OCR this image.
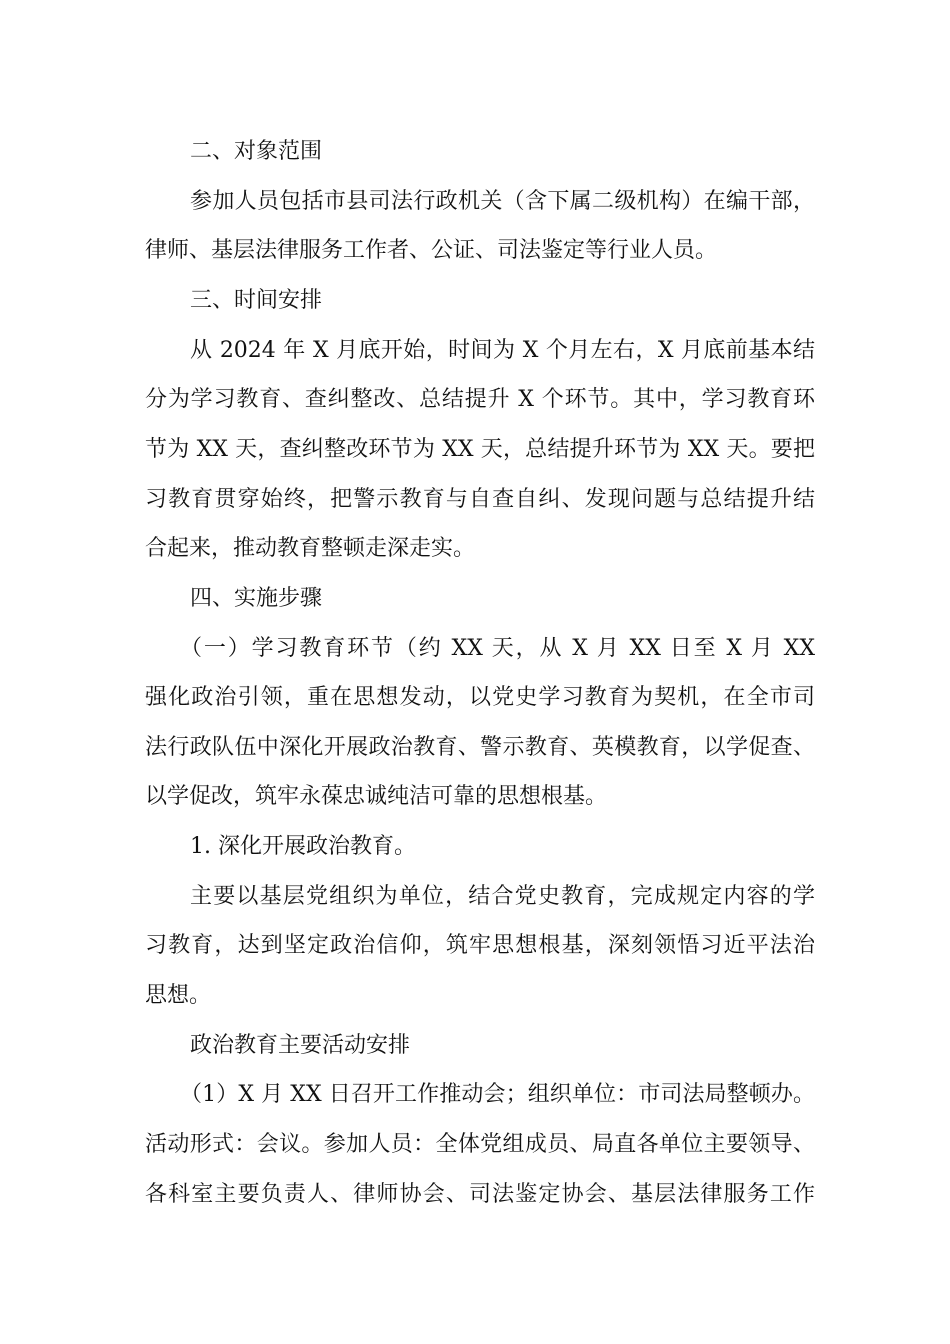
二、对象范围
参加人员包括市县司法行政机关（含下属二级机构）在编干部，
律师、基层法律服务工作者、公证、司法鉴定等行业人员。
三、时间安排
从 2024 年 X 月底开始，时间为 X 个月左右，X 月底前基本结
分为学习教育、查纠整改、总结提升 X 个环节。其中，学习教育环
节为 XX 天，查纠整改环节为 XX 天，总结提升环节为 XX 天。要把
习教育贯穿始终，把警示教育与自查自纠、发现问题与总结提升结
合起来，推动教育整顿走深走实。
四、实施步骤
（一）学习教育环节（约 XX 天，从 X 月 XX 日至 X 月 XX
强化政治引领，重在思想发动，以党史学习教育为契机，在全市司
法行政队伍中深化开展政治教育、警示教育、英模教育，以学促查、
以学促改，筑牢永葆忠诚纯洁可靠的思想根基。
1. 深化开展政治教育。
主要以基层党组织为单位，结合党史教育，完成规定内容的学
习教育，达到坚定政治信仰，筑牢思想根基，深刻领悟习近平法治
思想。
政治教育主要活动安排
（1）X 月 XX 日召开工作推动会；组织单位：市司法局整顿办。
活动形式：会议。参加人员：全体党组成员、局直各单位主要领导、
各科室主要负责人、律师协会、司法鉴定协会、基层法律服务工作
